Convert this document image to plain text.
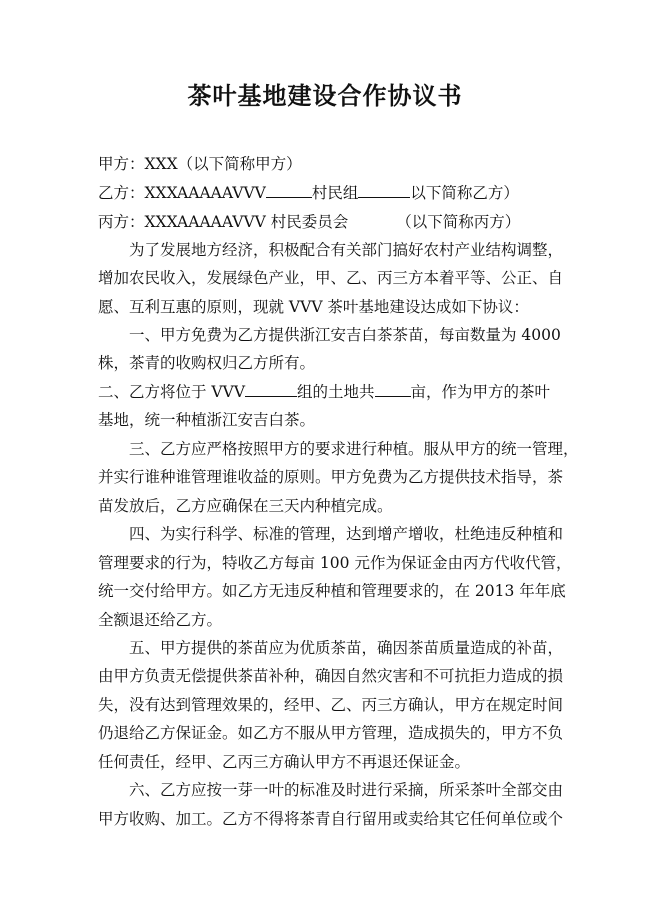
茶叶基地建设合作协议书
甲方：XXX（以下简称甲方）
乙方：XXXAAAAAVVV	村民组	以下简称乙方）
丙方：XXXAAAAAVVV 村民委员会	（以下简称丙方）
为了发展地方经济，积极配合有关部门搞好农村产业结构调整，
增加农民收入，发展绿色产业，甲、乙、丙三方本着平等、公正、自
愿、互利互惠的原则，现就 VVV 茶叶基地建设达成如下协议：
一、甲方免费为乙方提供浙江安吉白茶茶苗，每亩数量为 4000
株，茶青的收购权归乙方所有。
二、乙方将位于 VVV	组的土地共 亩，作为甲方的茶叶
基地，统一种植浙江安吉白茶。
三、乙方应严格按照甲方的要求进行种植。服从甲方的统一管理，
并实行谁种谁管理谁收益的原则。甲方免费为乙方提供技术指导，茶
苗发放后，乙方应确保在三天内种植完成。
四、为实行科学、标准的管理，达到增产增收，杜绝违反种植和
管理要求的行为，特收乙方每亩 100 元作为保证金由丙方代收代管，
统一交付给甲方。如乙方无违反种植和管理要求的，在 2013 年年底
全额退还给乙方。
五、甲方提供的茶苗应为优质茶苗，确因茶苗质量造成的补苗，
由甲方负责无偿提供茶苗补种，确因自然灾害和不可抗拒力造成的损
失，没有达到管理效果的，经甲、乙、丙三方确认，甲方在规定时间
仍退给乙方保证金。如乙方不服从甲方管理，造成损失的，甲方不负
任何责任，经甲、乙丙三方确认甲方不再退还保证金。
六、乙方应按一芽一叶的标准及时进行采摘，所采茶叶全部交由
甲方收购、加工。乙方不得将茶青自行留用或卖给其它任何单位或个
